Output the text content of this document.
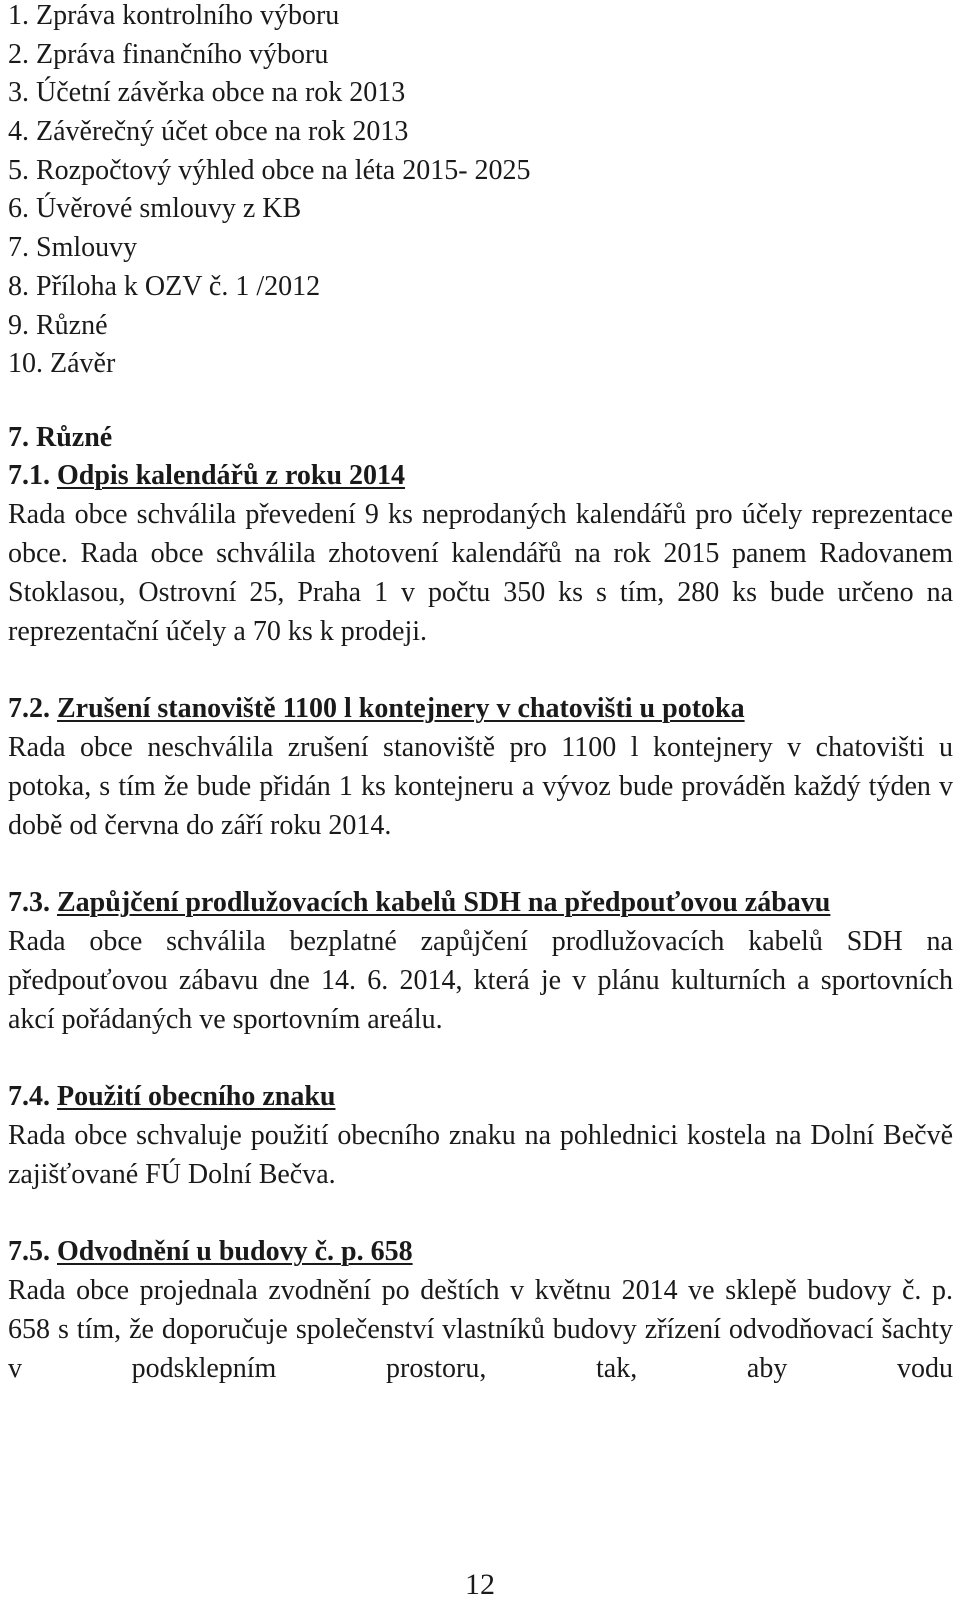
1. Zpráva kontrolního výboru
2. Zpráva finančního výboru
3. Účetní závěrka obce na rok 2013
4. Závěrečný účet obce na rok 2013
5. Rozpočtový výhled obce na léta 2015- 2025
6. Úvěrové smlouvy z KB
7. Smlouvy
8. Příloha k OZV č. 1 /2012
9. Různé
10. Závěr
7. Různé
7.1. Odpis kalendářů z roku 2014

Rada obce schválila převedení 9 ks neprodaných kalendářů pro účely reprezentace obce. Rada obce schválila zhotovení kalendářů na rok 2015 panem Radovanem Stoklasou, Ostrovní 25, Praha 1 v počtu 350 ks s tím, 280 ks bude určeno na reprezentační účely a 70 ks k prodeji.

7.2. Zrušení stanoviště 1100 l kontejnery v chatovišti u potoka

Rada obce neschválila zrušení stanoviště pro 1100 l kontejnery v chatovišti u potoka, s tím že bude přidán 1 ks kontejneru a vývoz bude prováděn každý týden v době od června do září roku 2014.

7.3. Zapůjčení prodlužovacích kabelů SDH na předpouťovou zábavu

Rada obce schválila bezplatné zapůjčení prodlužovacích kabelů SDH na předpouťovou zábavu dne 14. 6. 2014, která je v plánu kulturních a sportovních akcí pořádaných ve sportovním areálu.

7.4. Použití obecního znaku

Rada obce schvaluje použití obecního znaku na pohlednici kostela na Dolní Bečvě zajišťované FÚ Dolní Bečva.

7.5. Odvodnění u budovy č. p. 658

Rada obce projednala zvodnění po deštích v květnu 2014 ve sklepě budovy č. p. 658 s tím, že doporučuje společenství vlastníků budovy zřízení odvodňovací šachty v podsklepním prostoru, tak, aby vodu

12
